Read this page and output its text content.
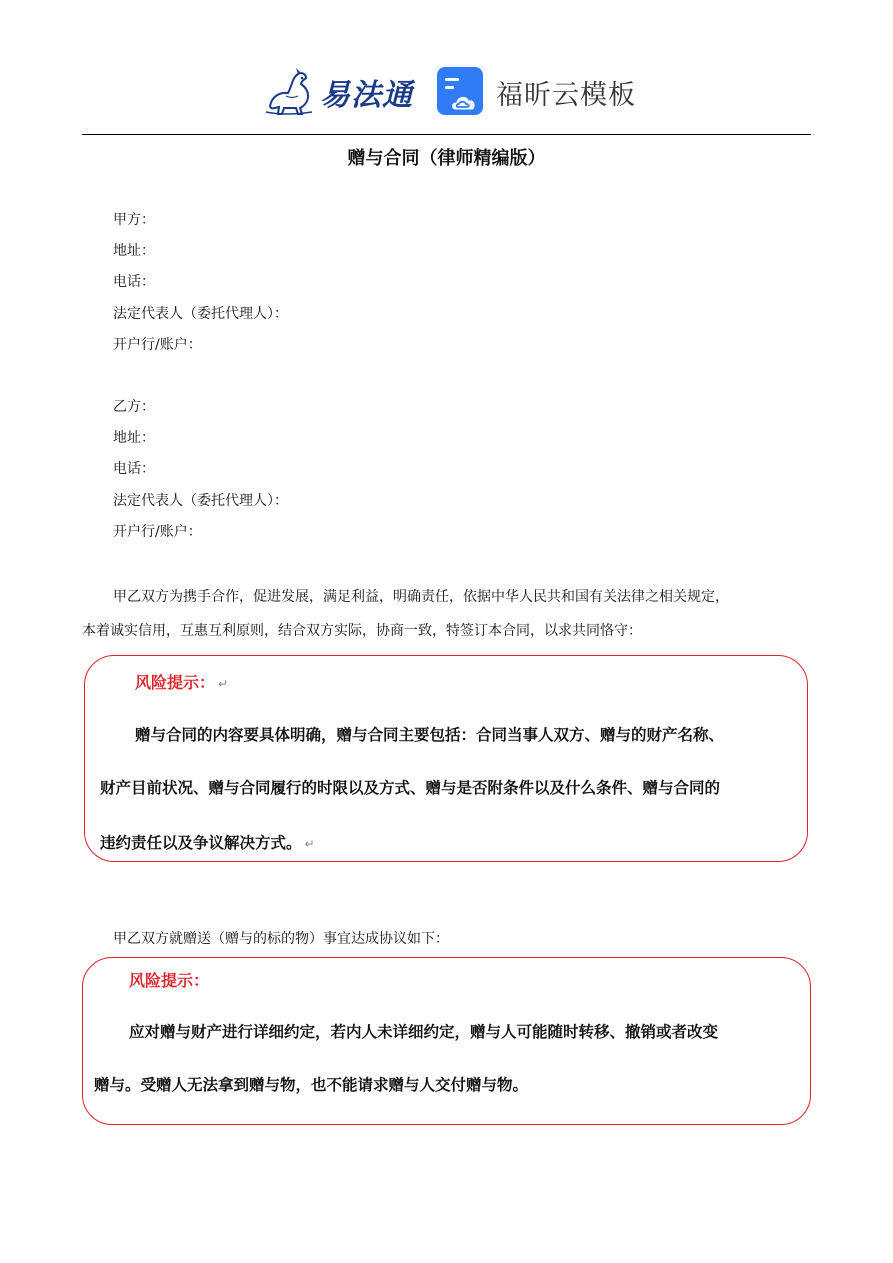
易法通	福昕云模板
赠与合同（律师精编版）
甲方：
地址：
电话：
法定代表人（委托代理人）：
开户行/账户：
乙方：
地址：
电话：
法定代表人（委托代理人）：
开户行/账户：
甲乙双方为携手合作，促进发展，满足利益，明确责任，依据中华人民共和国有关法律之相关规定，
本着诚实信用，互惠互利原则，结合双方实际，协商一致，特签订本合同，以求共同恪守：
风险提示： ↵
赠与合同的内容要具体明确，赠与合同主要包括：合同当事人双方、赠与的财产名称、
财产目前状况、赠与合同履行的时限以及方式、赠与是否附条件以及什么条件、赠与合同的
违约责任以及争议解决方式。 ↵
甲乙双方就赠送（赠与的标的物）事宜达成协议如下：
风险提示：
应对赠与财产进行详细约定，若内人未详细约定，赠与人可能随时转移、撤销或者改变
赠与。受赠人无法拿到赠与物，也不能请求赠与人交付赠与物。
